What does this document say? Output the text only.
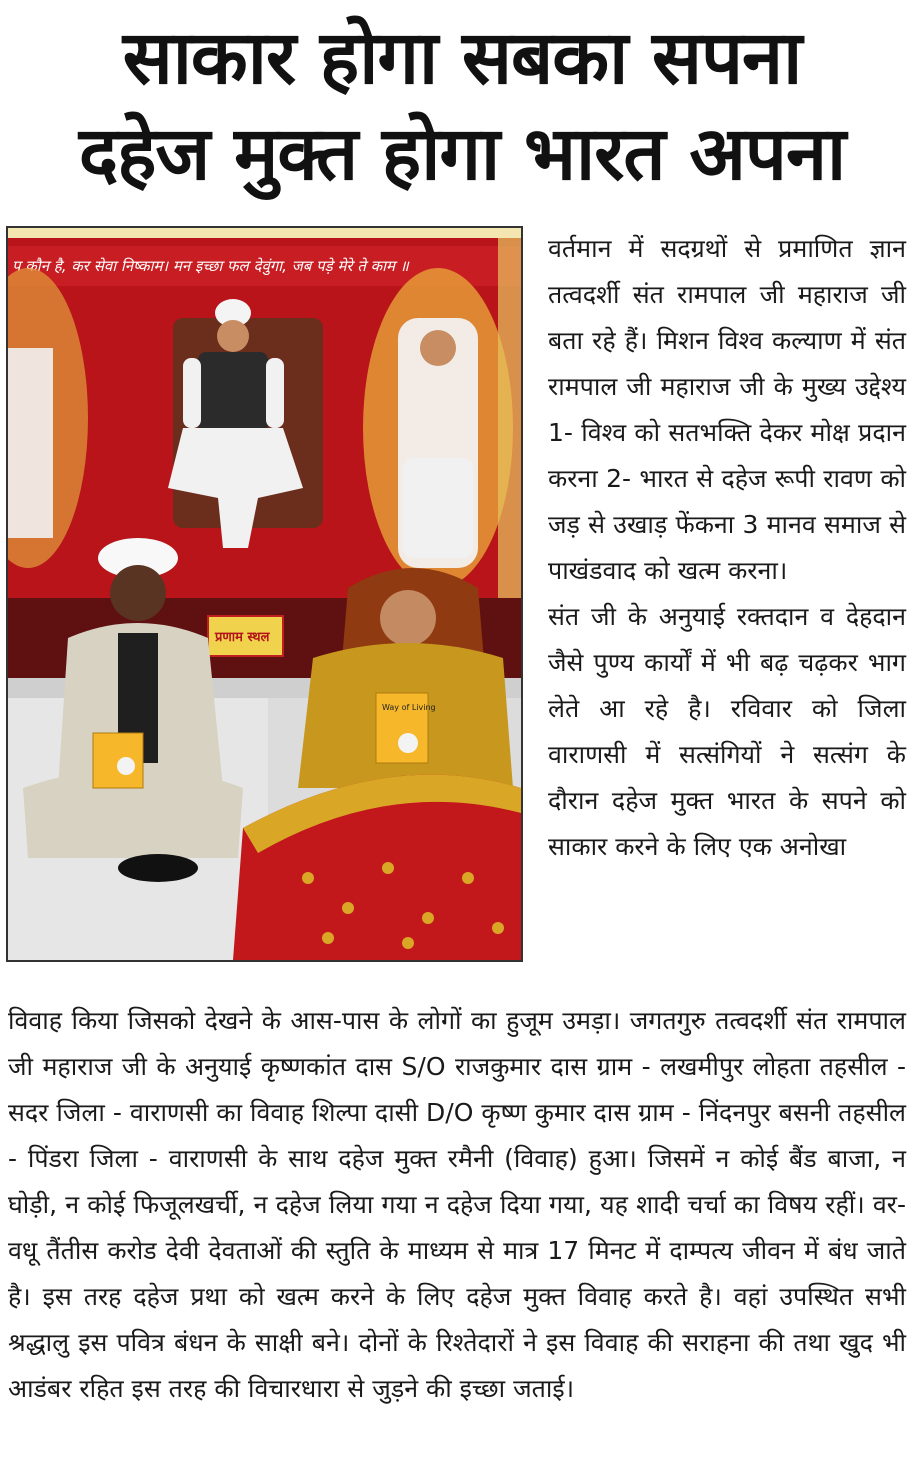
साकार होगा सबका सपना
दहेज मुक्त होगा भारत अपना
प कौन है, कर सेवा निष्काम। मन इच्छा फल देवुंगा, जब पड़े मेरे ते काम ॥
प्रणाम स्थल
Way of Living

वर्तमान में सदग्रथों से प्रमाणित ज्ञान तत्वदर्शी संत रामपाल जी महाराज जी बता रहे हैं। मिशन विश्व कल्याण में संत रामपाल जी महाराज जी के मुख्य उद्देश्य 1- विश्व को सतभक्ति देकर मोक्ष प्रदान करना 2- भारत से दहेज रूपी रावण को जड़ से उखाड़ फेंकना 3 मानव समाज से पाखंडवाद को खत्म करना।

संत जी के अनुयाई रक्तदान व देहदान जैसे पुण्य कार्यों में भी बढ़ चढ़कर भाग लेते आ रहे है। रविवार को जिला वाराणसी में सत्संगियों ने सत्संग के दौरान दहेज मुक्त भारत के सपने को साकार करने के लिए एक अनोखा

विवाह किया जिसको देखने के आस-पास के लोगों का हुजूम उमड़ा। जगतगुरु तत्वदर्शी संत रामपाल जी महाराज जी के अनुयाई कृष्णकांत दास S/O राजकुमार दास ग्राम - लखमीपुर लोहता तहसील - सदर जिला - वाराणसी का विवाह शिल्पा दासी D/O कृष्ण कुमार दास ग्राम - निंदनपुर बसनी तहसील - पिंडरा जिला - वाराणसी के साथ दहेज मुक्त रमैनी (विवाह) हुआ। जिसमें न कोई बैंड बाजा, न घोड़ी, न कोई फिजूलखर्ची, न दहेज लिया गया न दहेज दिया गया, यह शादी चर्चा का विषय रहीं। वर-वधू तैंतीस करोड देवी देवताओं की स्तुति के माध्यम से मात्र 17 मिनट में दाम्पत्य जीवन में बंध जाते है। इस तरह दहेज प्रथा को खत्म करने के लिए दहेज मुक्त विवाह करते है। वहां उपस्थित सभी श्रद्धालु इस पवित्र बंधन के साक्षी बने। दोनों के रिश्तेदारों ने इस विवाह की सराहना की तथा खुद भी आडंबर रहित इस तरह की विचारधारा से जुड़ने की इच्छा जताई।
